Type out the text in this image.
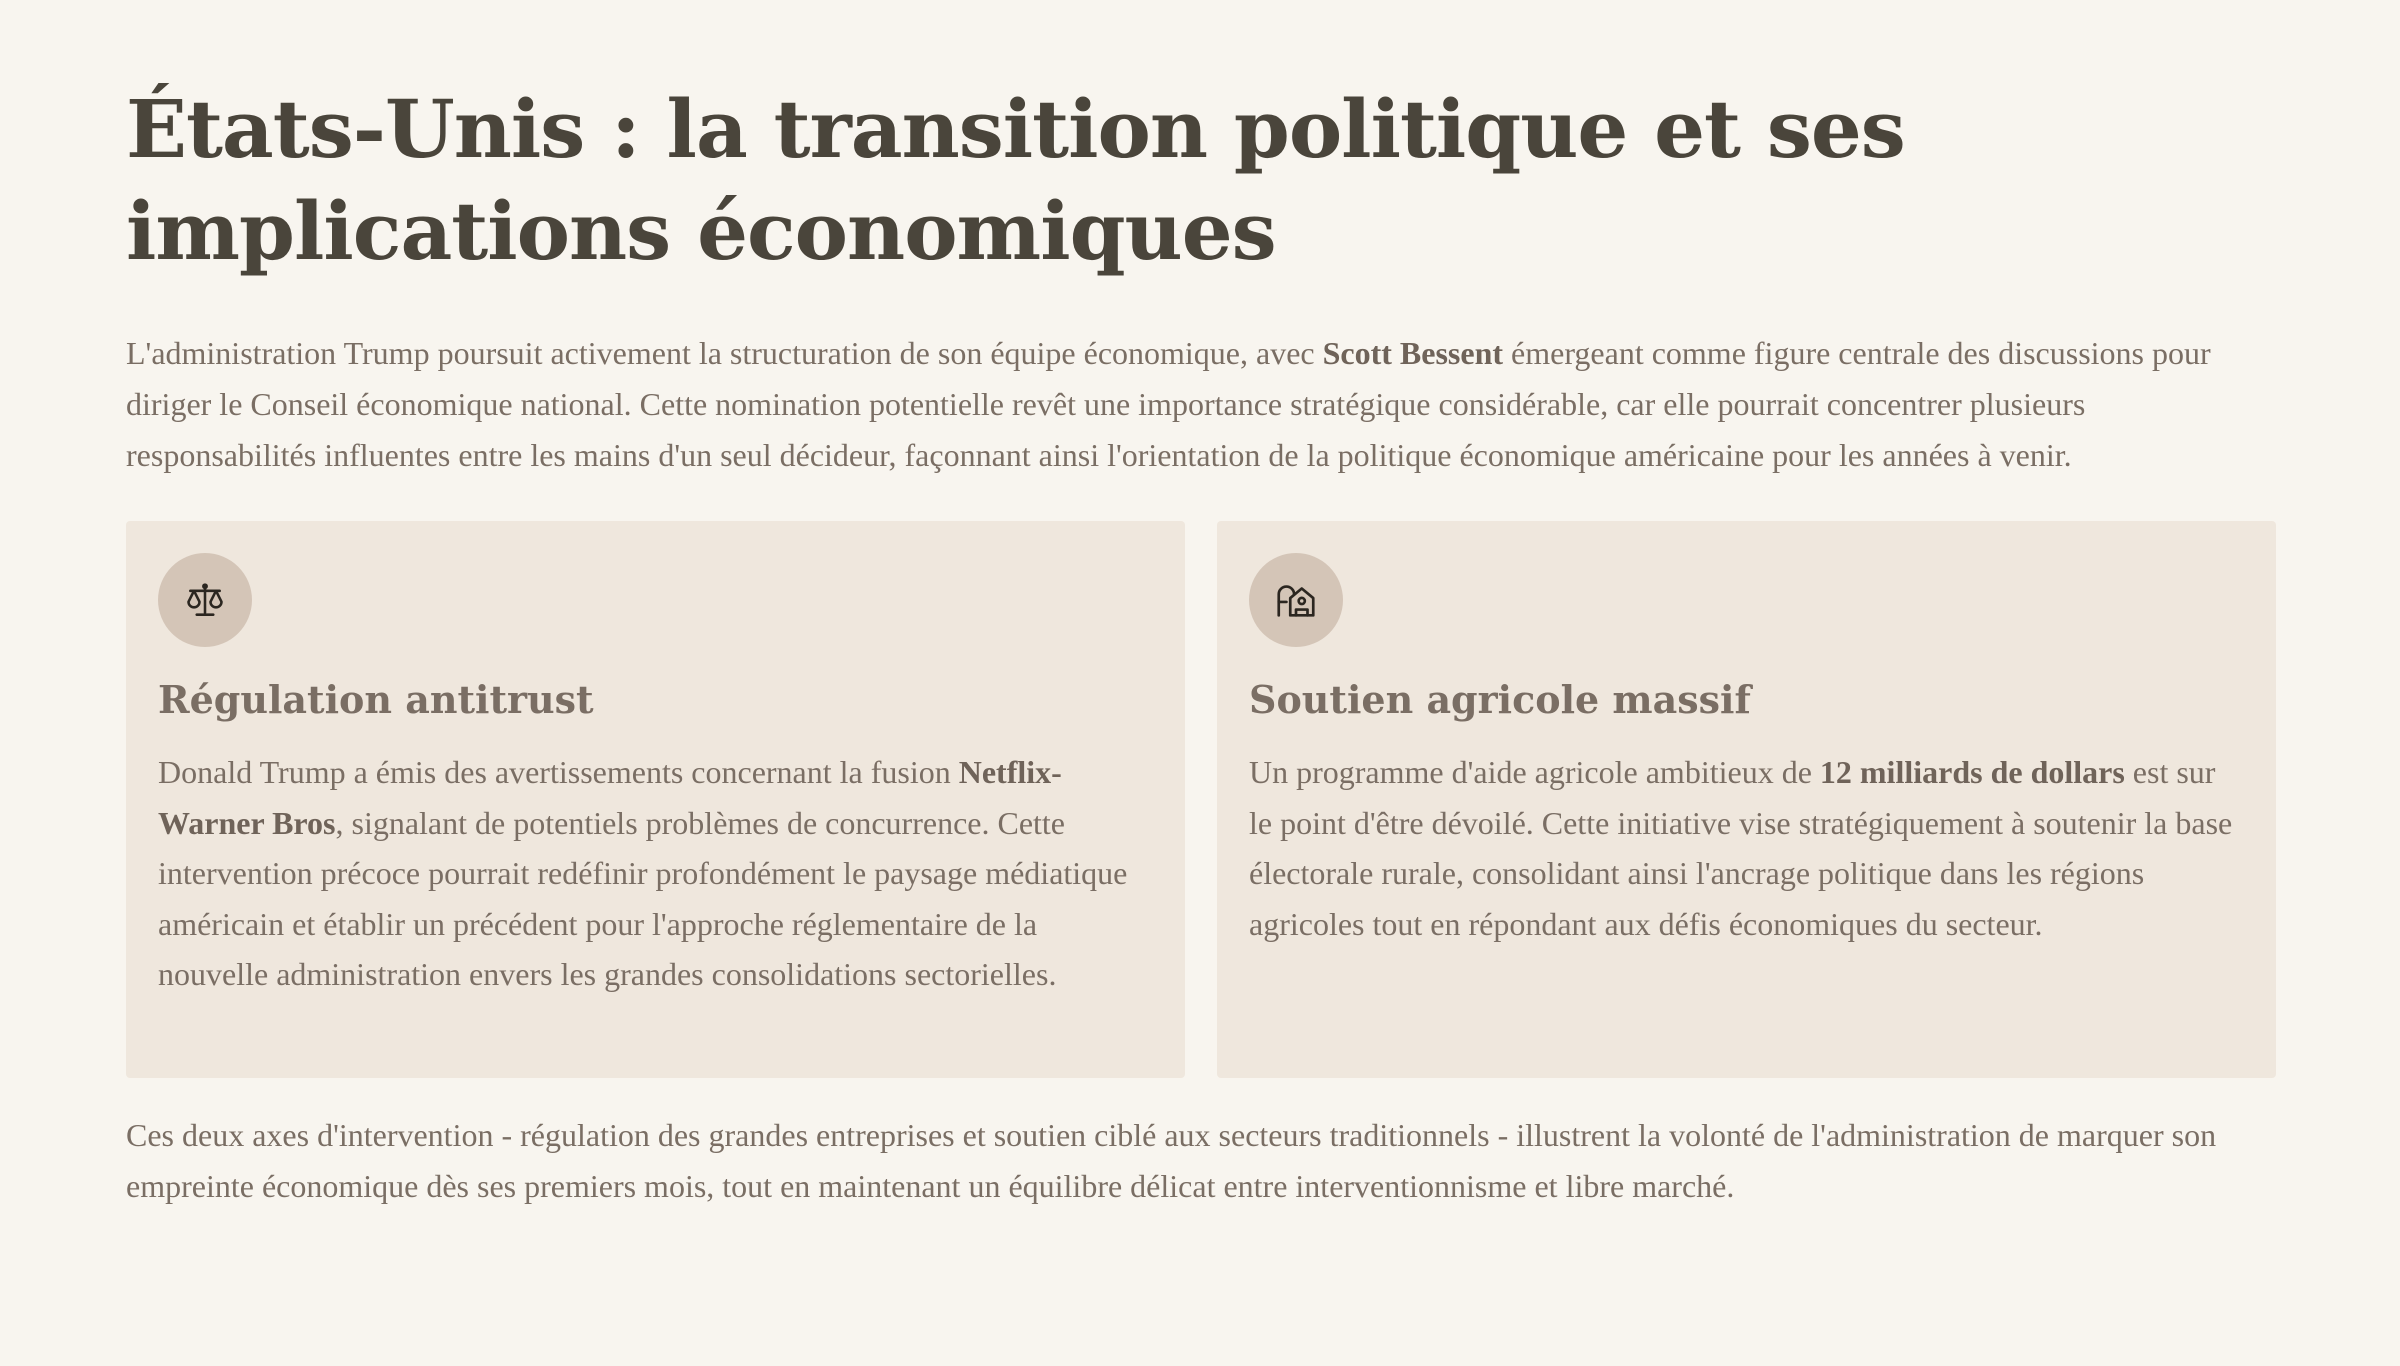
États-Unis : la transition politique et ses implications économiques

L'administration Trump poursuit activement la structuration de son équipe économique, avec Scott Bessent émergeant comme figure centrale des discussions pour diriger le Conseil économique national. Cette nomination potentielle revêt une importance stratégique considérable, car elle pourrait concentrer plusieurs responsabilités influentes entre les mains d'un seul décideur, façonnant ainsi l'orientation de la politique économique américaine pour les années à venir.

Régulation antitrust

Donald Trump a émis des avertissements concernant la fusion Netflix-Warner Bros, signalant de potentiels problèmes de concurrence. Cette intervention précoce pourrait redéfinir profondément le paysage médiatique américain et établir un précédent pour l'approche réglementaire de la nouvelle administration envers les grandes consolidations sectorielles.

Soutien agricole massif

Un programme d'aide agricole ambitieux de 12 milliards de dollars est sur le point d'être dévoilé. Cette initiative vise stratégiquement à soutenir la base électorale rurale, consolidant ainsi l'ancrage politique dans les régions agricoles tout en répondant aux défis économiques du secteur.

Ces deux axes d'intervention - régulation des grandes entreprises et soutien ciblé aux secteurs traditionnels - illustrent la volonté de l'administration de marquer son empreinte économique dès ses premiers mois, tout en maintenant un équilibre délicat entre interventionnisme et libre marché.
